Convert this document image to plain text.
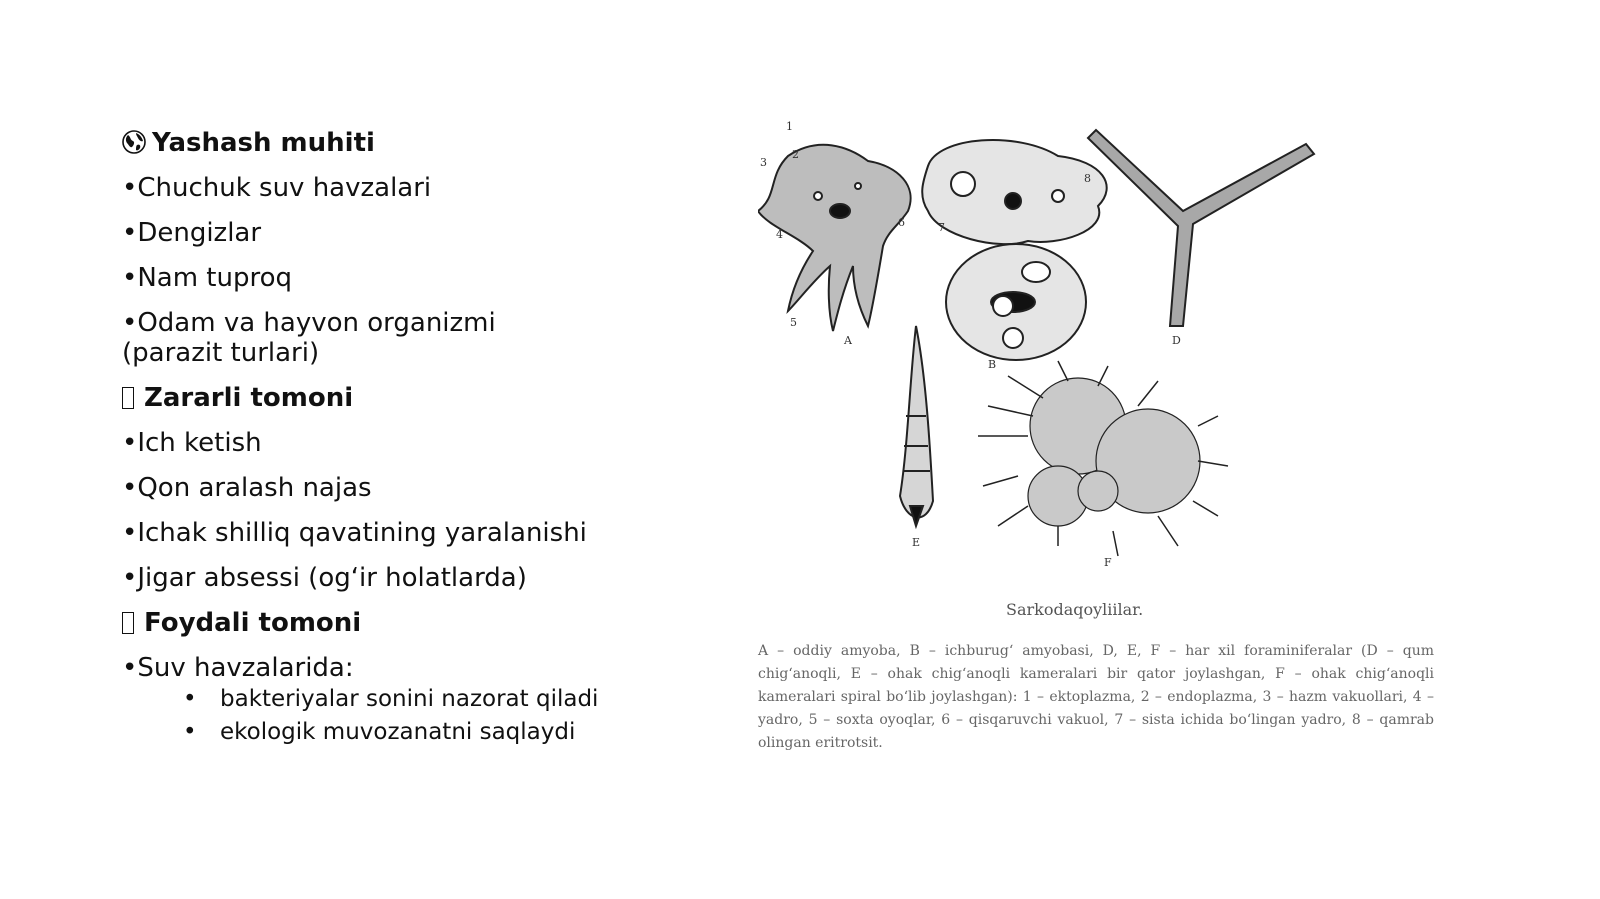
Yashash muhiti
•Chuchuk suv havzalari
•Dengizlar
•Nam tuproq
•Odam va hayvon organizmi (parazit turlari)
Zararli tomoni
•Ich ketish
•Qon aralash najas
•Ichak shilliq qavatining yaralanishi
•Jigar absessi (og‘ir holatlarda)
Foydali tomoni
•Suv havzalarida:
• bakteriyalar sonini nazorat qiladi
• ekologik muvozanatni saqlaydi
1
2
3
4
5
6	7
8
A
B
D
E
F
Sarkodaqoyliilar.
A – oddiy amyoba, B – ichburug‘ amyobasi, D, E, F – har xil foraminiferalar (D – qum chig‘anoqli, E – ohak chig‘anoqli kameralari bir qator joylashgan, F – ohak chig‘anoqli kameralari spiral bo‘lib joylashgan): 1 – ektoplazma, 2 – endoplazma, 3 – hazm vakuollari, 4 – yadro, 5 – soxta oyoqlar, 6 – qisqaruvchi vakuol, 7 – sista ichida bo‘lingan yadro, 8 – qamrab olingan eritrotsit.
